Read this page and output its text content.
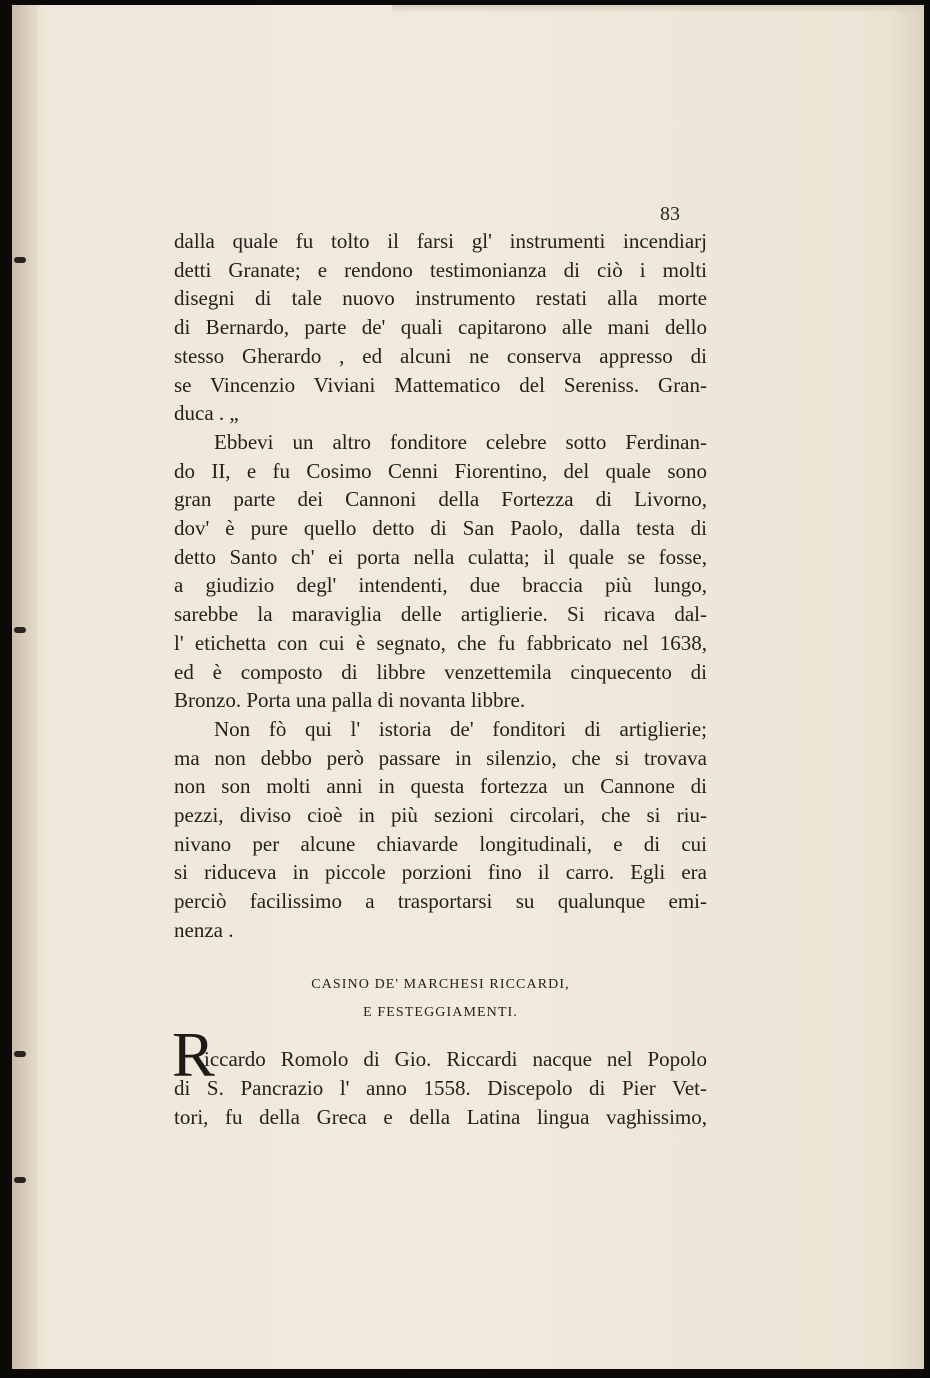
83
dalla quale fu tolto il farsi gl' instrumenti incendiarj
detti Granate; e rendono testimonianza di ciò i molti
disegni di tale nuovo instrumento restati alla morte
di Bernardo, parte de' quali capitarono alle mani dello
stesso Gherardo , ed alcuni ne conserva appresso di
se Vincenzio Viviani Mattematico del Sereniss. Gran-
duca . „
Ebbevi un altro fonditore celebre sotto Ferdinan-
do II, e fu Cosimo Cenni Fiorentino, del quale sono
gran parte dei Cannoni della Fortezza di Livorno,
dov' è pure quello detto di San Paolo, dalla testa di
detto Santo ch' ei porta nella culatta; il quale se fosse,
a giudizio degl' intendenti, due braccia più lungo,
sarebbe la maraviglia delle artiglierie. Si ricava dal-
l' etichetta con cui è segnato, che fu fabbricato nel 1638,
ed è composto di libbre venzettemila cinquecento di
Bronzo. Porta una palla di novanta libbre.
Non fò qui l' istoria de' fonditori di artiglierie;
ma non debbo però passare in silenzio, che si trovava
non son molti anni in questa fortezza un Cannone di
pezzi, diviso cioè in più sezioni circolari, che si riu-
nivano per alcune chiavarde longitudinali, e di cui
si riduceva in piccole porzioni fino il carro. Egli era
perciò facilissimo a trasportarsi su qualunque emi-
nenza .
CASINO DE' MARCHESI RICCARDI,
E FESTEGGIAMENTI.
R
iccardo Romolo di Gio. Riccardi nacque nel Popolo
di S. Pancrazio l' anno 1558. Discepolo di Pier Vet-
tori, fu della Greca e della Latina lingua vaghissimo,
